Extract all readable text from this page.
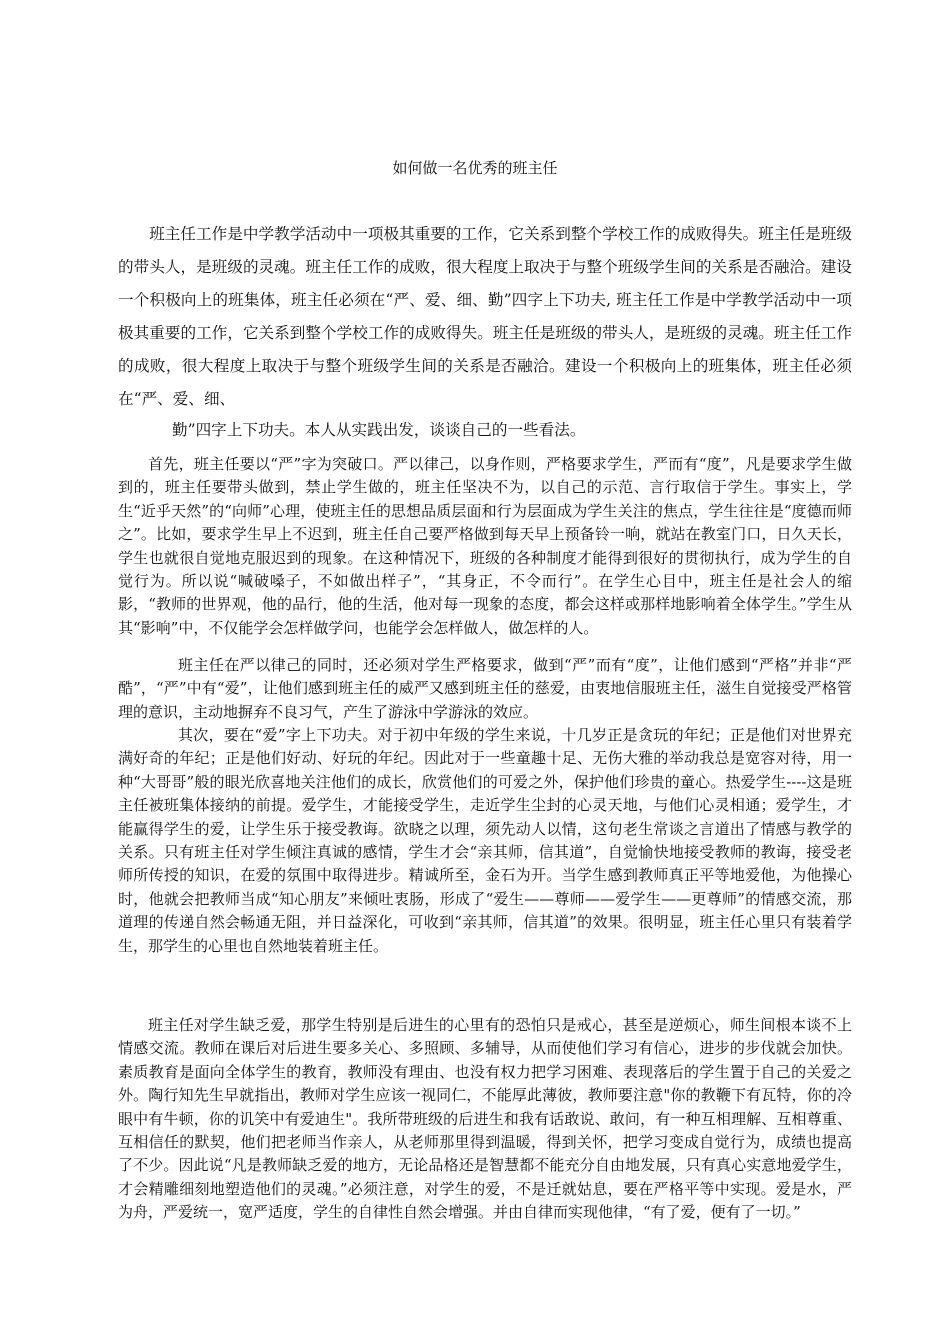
如何做一名优秀的班主任

班主任工作是中学教学活动中一项极其重要的工作，它关系到整个学校工作的成败得失。班主任是班级的带头人，是班级的灵魂。班主任工作的成败，很大程度上取决于与整个班级学生间的关系是否融洽。建设一个积极向上的班集体，班主任必须在“严、爱、细、勤”四字上下功夫, 班主任工作是中学教学活动中一项极其重要的工作，它关系到整个学校工作的成败得失。班主任是班级的带头人，是班级的灵魂。班主任工作的成败，很大程度上取决于与整个班级学生间的关系是否融洽。建设一个积极向上的班集体，班主任必须在“严、爱、细、

勤”四字上下功夫。本人从实践出发，谈谈自己的一些看法。

首先，班主任要以“严”字为突破口。严以律己，以身作则，严格要求学生，严而有“度”，凡是要求学生做到的，班主任要带头做到，禁止学生做的，班主任坚决不为，以自己的示范、言行取信于学生。事实上，学生“近乎天然”的“向师”心理，使班主任的思想品质层面和行为层面成为学生关注的焦点，学生往往是“度德而师之”。比如，要求学生早上不迟到，班主任自己要严格做到每天早上预备铃一响，就站在教室门口，日久天长，学生也就很自觉地克服迟到的现象。在这种情况下，班级的各种制度才能得到很好的贯彻执行，成为学生的自觉行为。所以说“喊破嗓子，不如做出样子”，“其身正，不令而行”。在学生心目中，班主任是社会人的缩影，“教师的世界观，他的品行，他的生活，他对每一现象的态度，都会这样或那样地影响着全体学生。”学生从其“影响”中，不仅能学会怎样做学问，也能学会怎样做人，做怎样的人。

班主任在严以律己的同时，还必须对学生严格要求，做到“严”而有“度”，让他们感到“严格”并非“严酷”，“严”中有“爱”，让他们感到班主任的威严又感到班主任的慈爱，由衷地信服班主任，滋生自觉接受严格管理的意识，主动地摒弃不良习气，产生了游泳中学游泳的效应。

其次，要在“爱”字上下功夫。对于初中年级的学生来说，十几岁正是贪玩的年纪；正是他们对世界充满好奇的年纪；正是他们好动、好玩的年纪。因此对于一些童趣十足、无伤大雅的举动我总是宽容对待，用一种“大哥哥”般的眼光欣喜地关注他们的成长，欣赏他们的可爱之外，保护他们珍贵的童心。热爱学生----这是班主任被班集体接纳的前提。爱学生，才能接受学生，走近学生尘封的心灵天地，与他们心灵相通；爱学生，才能赢得学生的爱，让学生乐于接受教诲。欲晓之以理，须先动人以情，这句老生常谈之言道出了情感与教学的关系。只有班主任对学生倾注真诚的感情，学生才会“亲其师，信其道”，自觉愉快地接受教师的教诲，接受老师所传授的知识，在爱的氛围中取得进步。精诚所至，金石为开。当学生感到教师真正平等地爱他，为他操心时，他就会把教师当成“知心朋友”来倾吐衷肠，形成了“爱生——尊师——爱学生——更尊师”的情感交流，那道理的传递自然会畅通无阻，并日益深化，可收到“亲其师，信其道”的效果。很明显，班主任心里只有装着学生，那学生的心里也自然地装着班主任。

班主任对学生缺乏爱，那学生特别是后进生的心里有的恐怕只是戒心，甚至是逆烦心，师生间根本谈不上情感交流。教师在课后对后进生要多关心、多照顾、多辅导，从而使他们学习有信心，进步的步伐就会加快。素质教育是面向全体学生的教育，教师没有理由、也没有权力把学习困难、表现落后的学生置于自己的关爱之外。陶行知先生早就指出，教师对学生应该一视同仁，不能厚此薄彼，教师要注意"你的教鞭下有瓦特，你的冷眼中有牛顿，你的讥笑中有爱迪生"。我所带班级的后进生和我有话敢说、敢问，有一种互相理解、互相尊重、互相信任的默契，他们把老师当作亲人，从老师那里得到温暖，得到关怀，把学习变成自觉行为，成绩也提高了不少。因此说“凡是教师缺乏爱的地方，无论品格还是智慧都不能充分自由地发展，只有真心实意地爱学生，才会精雕细刻地塑造他们的灵魂。”必须注意，对学生的爱，不是迁就姑息，要在严格平等中实现。爱是水，严为舟，严爱统一，宽严适度，学生的自律性自然会增强。并由自律而实现他律，“有了爱，便有了一切。”
